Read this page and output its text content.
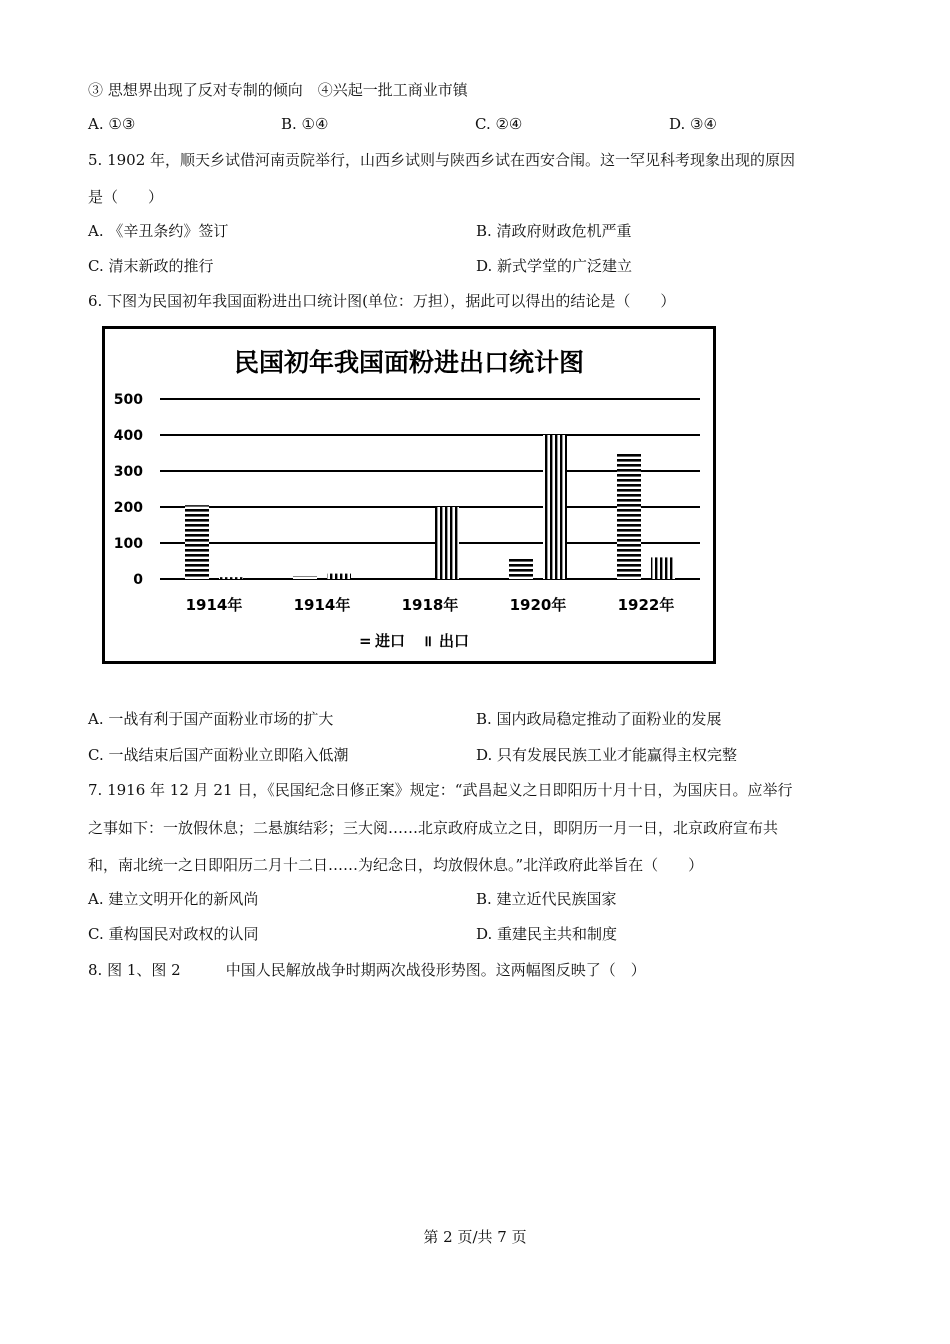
③ 思想界出现了反对专制的倾向　④兴起一批工商业市镇
A. ①③	B. ①④	C. ②④	D. ③④
5. 1902 年，顺天乡试借河南贡院举行，山西乡试则与陕西乡试在西安合闱。这一罕见科考现象出现的原因
是（　　）
A. 《辛丑条约》签订	B. 清政府财政危机严重
C. 清末新政的推行	D. 新式学堂的广泛建立
6. 下图为民国初年我国面粉进出口统计图(单位：万担），据此可以得出的结论是（　　）
民国初年我国面粉进出口统计图
0
100
200
300
400
500
1914年	1914年	1918年	1920年	1922年
= 进口 ॥ 出口
A. 一战有利于国产面粉业市场的扩大	B. 国内政局稳定推动了面粉业的发展
C. 一战结束后国产面粉业立即陷入低潮	D. 只有发展民族工业才能赢得主权完整
7. 1916 年 12 月 21 日，《民国纪念日修正案》规定：“武昌起义之日即阳历十月十日，为国庆日。应举行
之事如下：一放假休息；二悬旗结彩；三大阅……北京政府成立之日，即阴历一月一日，北京政府宣布共
和，南北统一之日即阳历二月十二日……为纪念日，均放假休息。”北洋政府此举旨在（　　）
A. 建立文明开化的新风尚	B. 建立近代民族国家
C. 重构国民对政权的认同	D. 重建民主共和制度
8. 图 1、图 2　　　中国人民解放战争时期两次战役形势图。这两幅图反映了（　）
第 2 页/共 7 页
